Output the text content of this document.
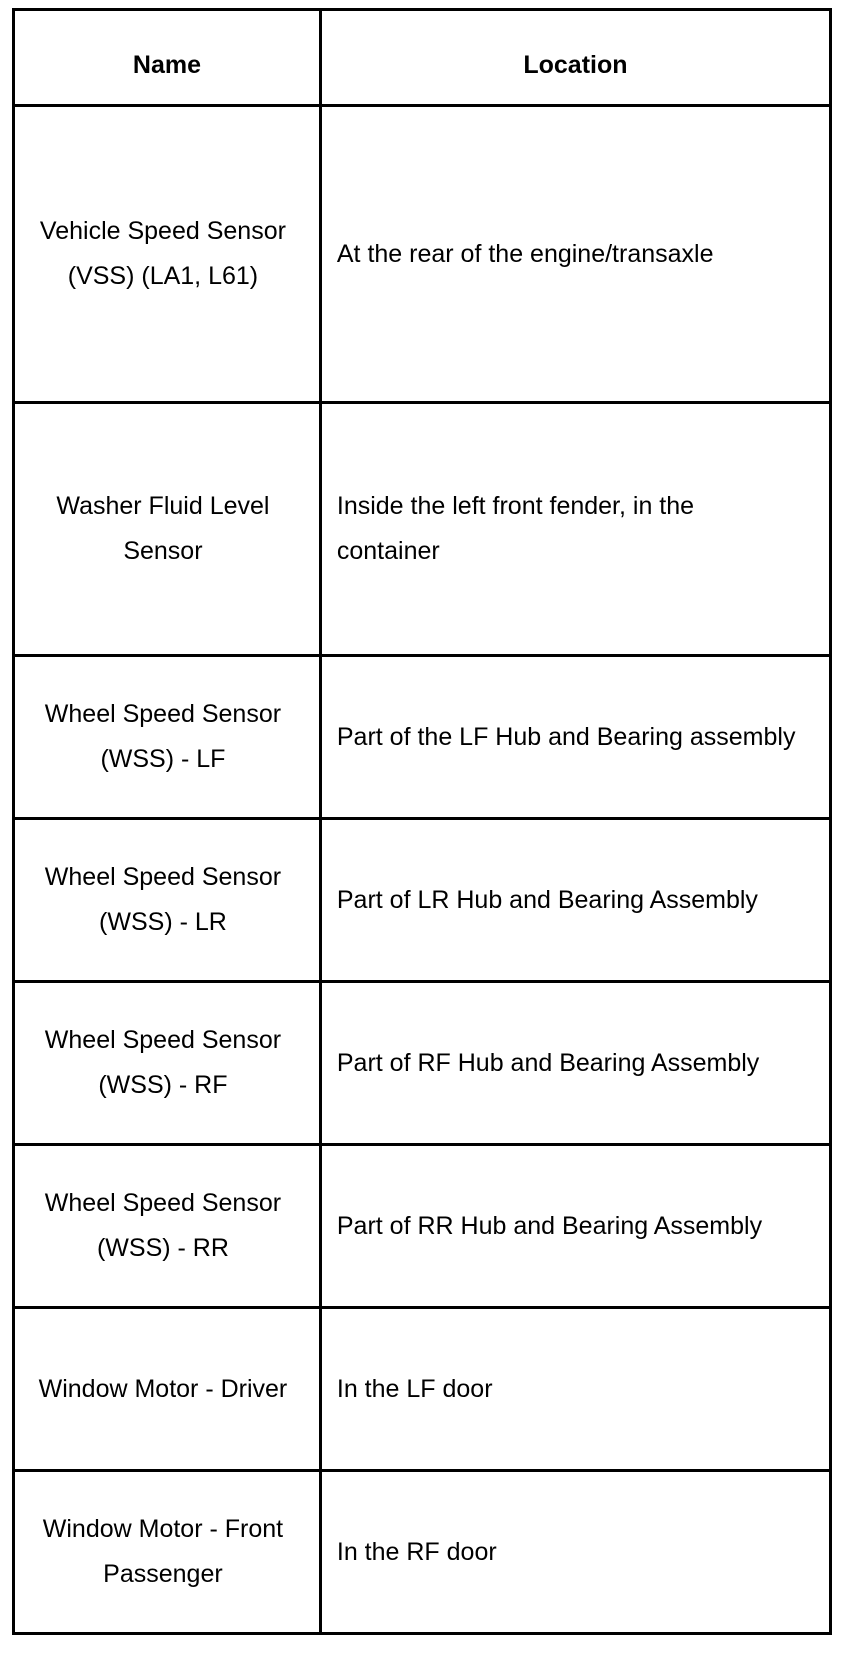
Name	Location
Vehicle Speed Sensor (VSS) (LA1, L61)	At the rear of the engine/transaxle
Washer Fluid Level Sensor	Inside the left front fender, in the container
Wheel Speed Sensor (WSS) - LF	Part of the LF Hub and Bearing assembly
Wheel Speed Sensor (WSS) - LR	Part of LR Hub and Bearing Assembly
Wheel Speed Sensor (WSS) - RF	Part of RF Hub and Bearing Assembly
Wheel Speed Sensor (WSS) - RR	Part of RR Hub and Bearing Assembly
Window Motor - Driver	In the LF door
Window Motor - Front Passenger	In the RF door
